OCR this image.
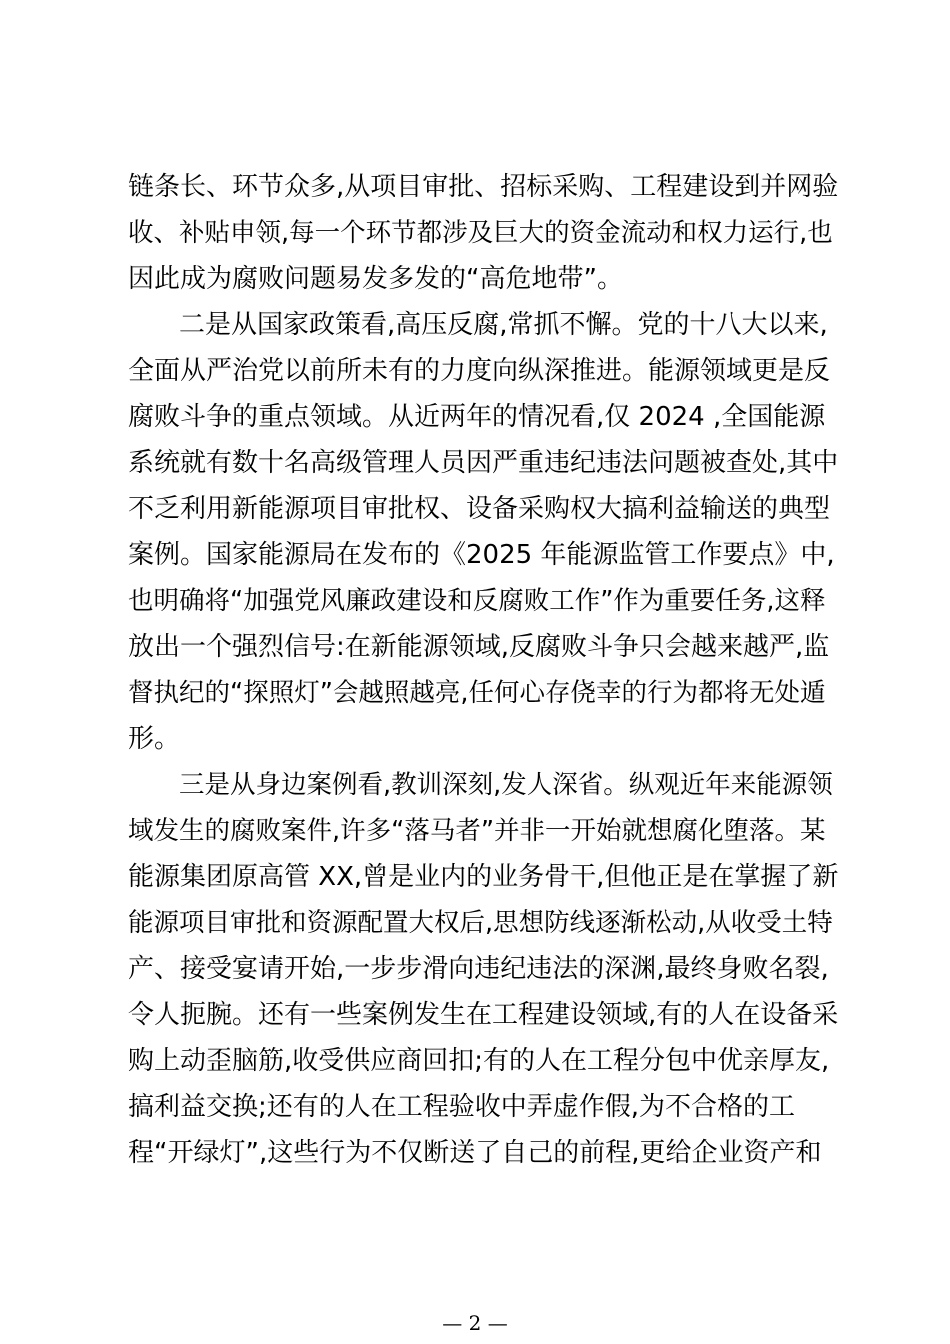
链条长、环节众多,从项目审批、招标采购、工程建设到并网验
收、补贴申领,每一个环节都涉及巨大的资金流动和权力运行,也
因此成为腐败问题易发多发的“高危地带”。
二是从国家政策看,高压反腐,常抓不懈。党的十八大以来,
全面从严治党以前所未有的力度向纵深推进。能源领域更是反
腐败斗争的重点领域。从近两年的情况看,仅 2024 ,全国能源
系统就有数十名高级管理人员因严重违纪违法问题被查处,其中
不乏利用新能源项目审批权、设备采购权大搞利益输送的典型
案例。国家能源局在发布的《2025 年能源监管工作要点》中,
也明确将“加强党风廉政建设和反腐败工作”作为重要任务,这释
放出一个强烈信号:在新能源领域,反腐败斗争只会越来越严,监
督执纪的“探照灯”会越照越亮,任何心存侥幸的行为都将无处遁
形。
三是从身边案例看,教训深刻,发人深省。纵观近年来能源领
域发生的腐败案件,许多“落马者”并非一开始就想腐化堕落。某
能源集团原高管 XX,曾是业内的业务骨干,但他正是在掌握了新
能源项目审批和资源配置大权后,思想防线逐渐松动,从收受土特
产、接受宴请开始,一步步滑向违纪违法的深渊,最终身败名裂,
令人扼腕。还有一些案例发生在工程建设领域,有的人在设备采
购上动歪脑筋,收受供应商回扣;有的人在工程分包中优亲厚友,
搞利益交换;还有的人在工程验收中弄虚作假,为不合格的工
程“开绿灯”,这些行为不仅断送了自己的前程,更给企业资产和
— 2 —
